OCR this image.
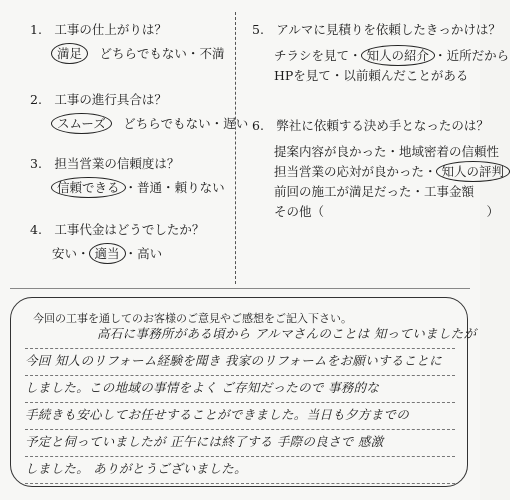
1.　工事の仕上がりは？
満足　 どちらでもない・不満
2.　工事の進行具合は？
スムーズ　 どちらでもない・遅い
3.　担当営業の信頼度は？
信頼できる ・普通・頼りない
4.　工事代金はどうでしたか？
安い・ 適当 ・高い
5.　アルマに見積りを依頼したきっかけは？
チラシを見て・ 知人の紹介 ・近所だから
HPを見て・以前頼んだことがある
6.　弊社に依頼する決め手となったのは？
提案内容が良かった・地域密着の信頼性
担当営業の応対が良かった・ 知人の評判
前回の施工が満足だった・工事金額
その他（　　　　　　　　　　　　　）
今回の工事を通してのお客様のご意見やご感想をご記入下さい。
高石に事務所がある頃から アルマさんのことは 知っていましたが
今回 知人のリフォーム経験を聞き 我家のリフォームをお願いすることに
しました。この地域の事情をよく ご存知だったので 事務的な
手続きも安心してお任せすることができました。当日も夕方までの
予定と伺っていましたが 正午には終了する 手際の良さで 感激
しました。 ありがとうございました。
